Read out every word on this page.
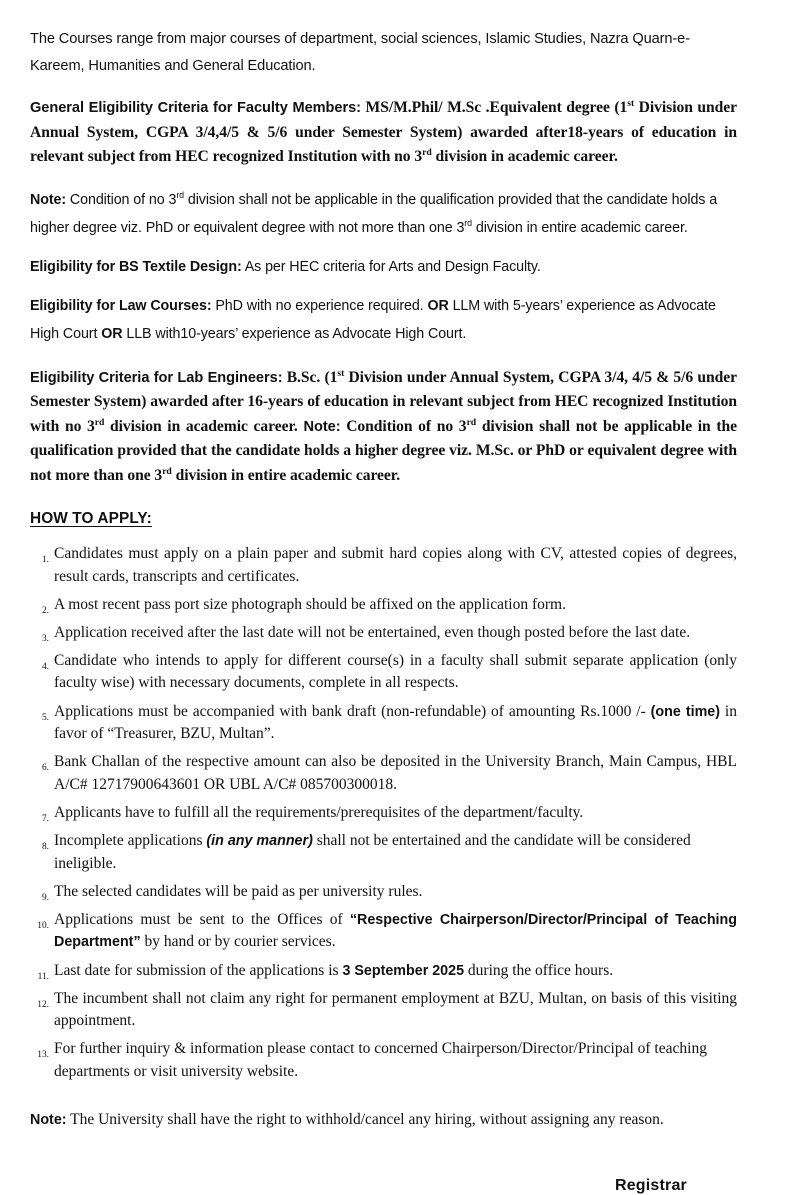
The Courses range from major courses of department, social sciences, Islamic Studies, Nazra Quarn-e-Kareem, Humanities and General Education.

General Eligibility Criteria for Faculty Members: MS/M.Phil/ M.Sc .Equivalent degree (1st Division under Annual System, CGPA 3/4,4/5 & 5/6 under Semester System) awarded after18-years of education in relevant subject from HEC recognized Institution with no 3rd division in academic career.

Note: Condition of no 3rd division shall not be applicable in the qualification provided that the candidate holds a higher degree viz. PhD or equivalent degree with not more than one 3rd division in entire academic career.

Eligibility for BS Textile Design: As per HEC criteria for Arts and Design Faculty.

Eligibility for Law Courses: PhD with no experience required. OR LLM with 5-years’ experience as Advocate High Court OR LLB with10-years’ experience as Advocate High Court.

Eligibility Criteria for Lab Engineers: B.Sc. (1st Division under Annual System, CGPA 3/4, 4/5 & 5/6 under Semester System) awarded after 16-years of education in relevant subject from HEC recognized Institution with no 3rd division in academic career. Note: Condition of no 3rd division shall not be applicable in the qualification provided that the candidate holds a higher degree viz. M.Sc. or PhD or equivalent degree with not more than one 3rd division in entire academic career.

HOW TO APPLY:

1. Candidates must apply on a plain paper and submit hard copies along with CV, attested copies of degrees, result cards, transcripts and certificates.
2. A most recent pass port size photograph should be affixed on the application form.
3. Application received after the last date will not be entertained, even though posted before the last date.
4. Candidate who intends to apply for different course(s) in a faculty shall submit separate application (only faculty wise) with necessary documents, complete in all respects.
5. Applications must be accompanied with bank draft (non-refundable) of amounting Rs.1000 /- (one time) in favor of “Treasurer, BZU, Multan”.
6. Bank Challan of the respective amount can also be deposited in the University Branch, Main Campus, HBL A/C# 12717900643601 OR UBL A/C# 085700300018.
7. Applicants have to fulfill all the requirements/prerequisites of the department/faculty.
8. Incomplete applications (in any manner) shall not be entertained and the candidate will be considered ineligible.
9. The selected candidates will be paid as per university rules.
10. Applications must be sent to the Offices of “Respective Chairperson/Director/Principal of Teaching Department” by hand or by courier services.
11. Last date for submission of the applications is 3 September 2025 during the office hours.
12. The incumbent shall not claim any right for permanent employment at BZU, Multan, on basis of this visiting appointment.
13. For further inquiry & information please contact to concerned Chairperson/Director/Principal of teaching departments or visit university website.

Note: The University shall have the right to withhold/cancel any hiring, without assigning any reason.

Registrar
